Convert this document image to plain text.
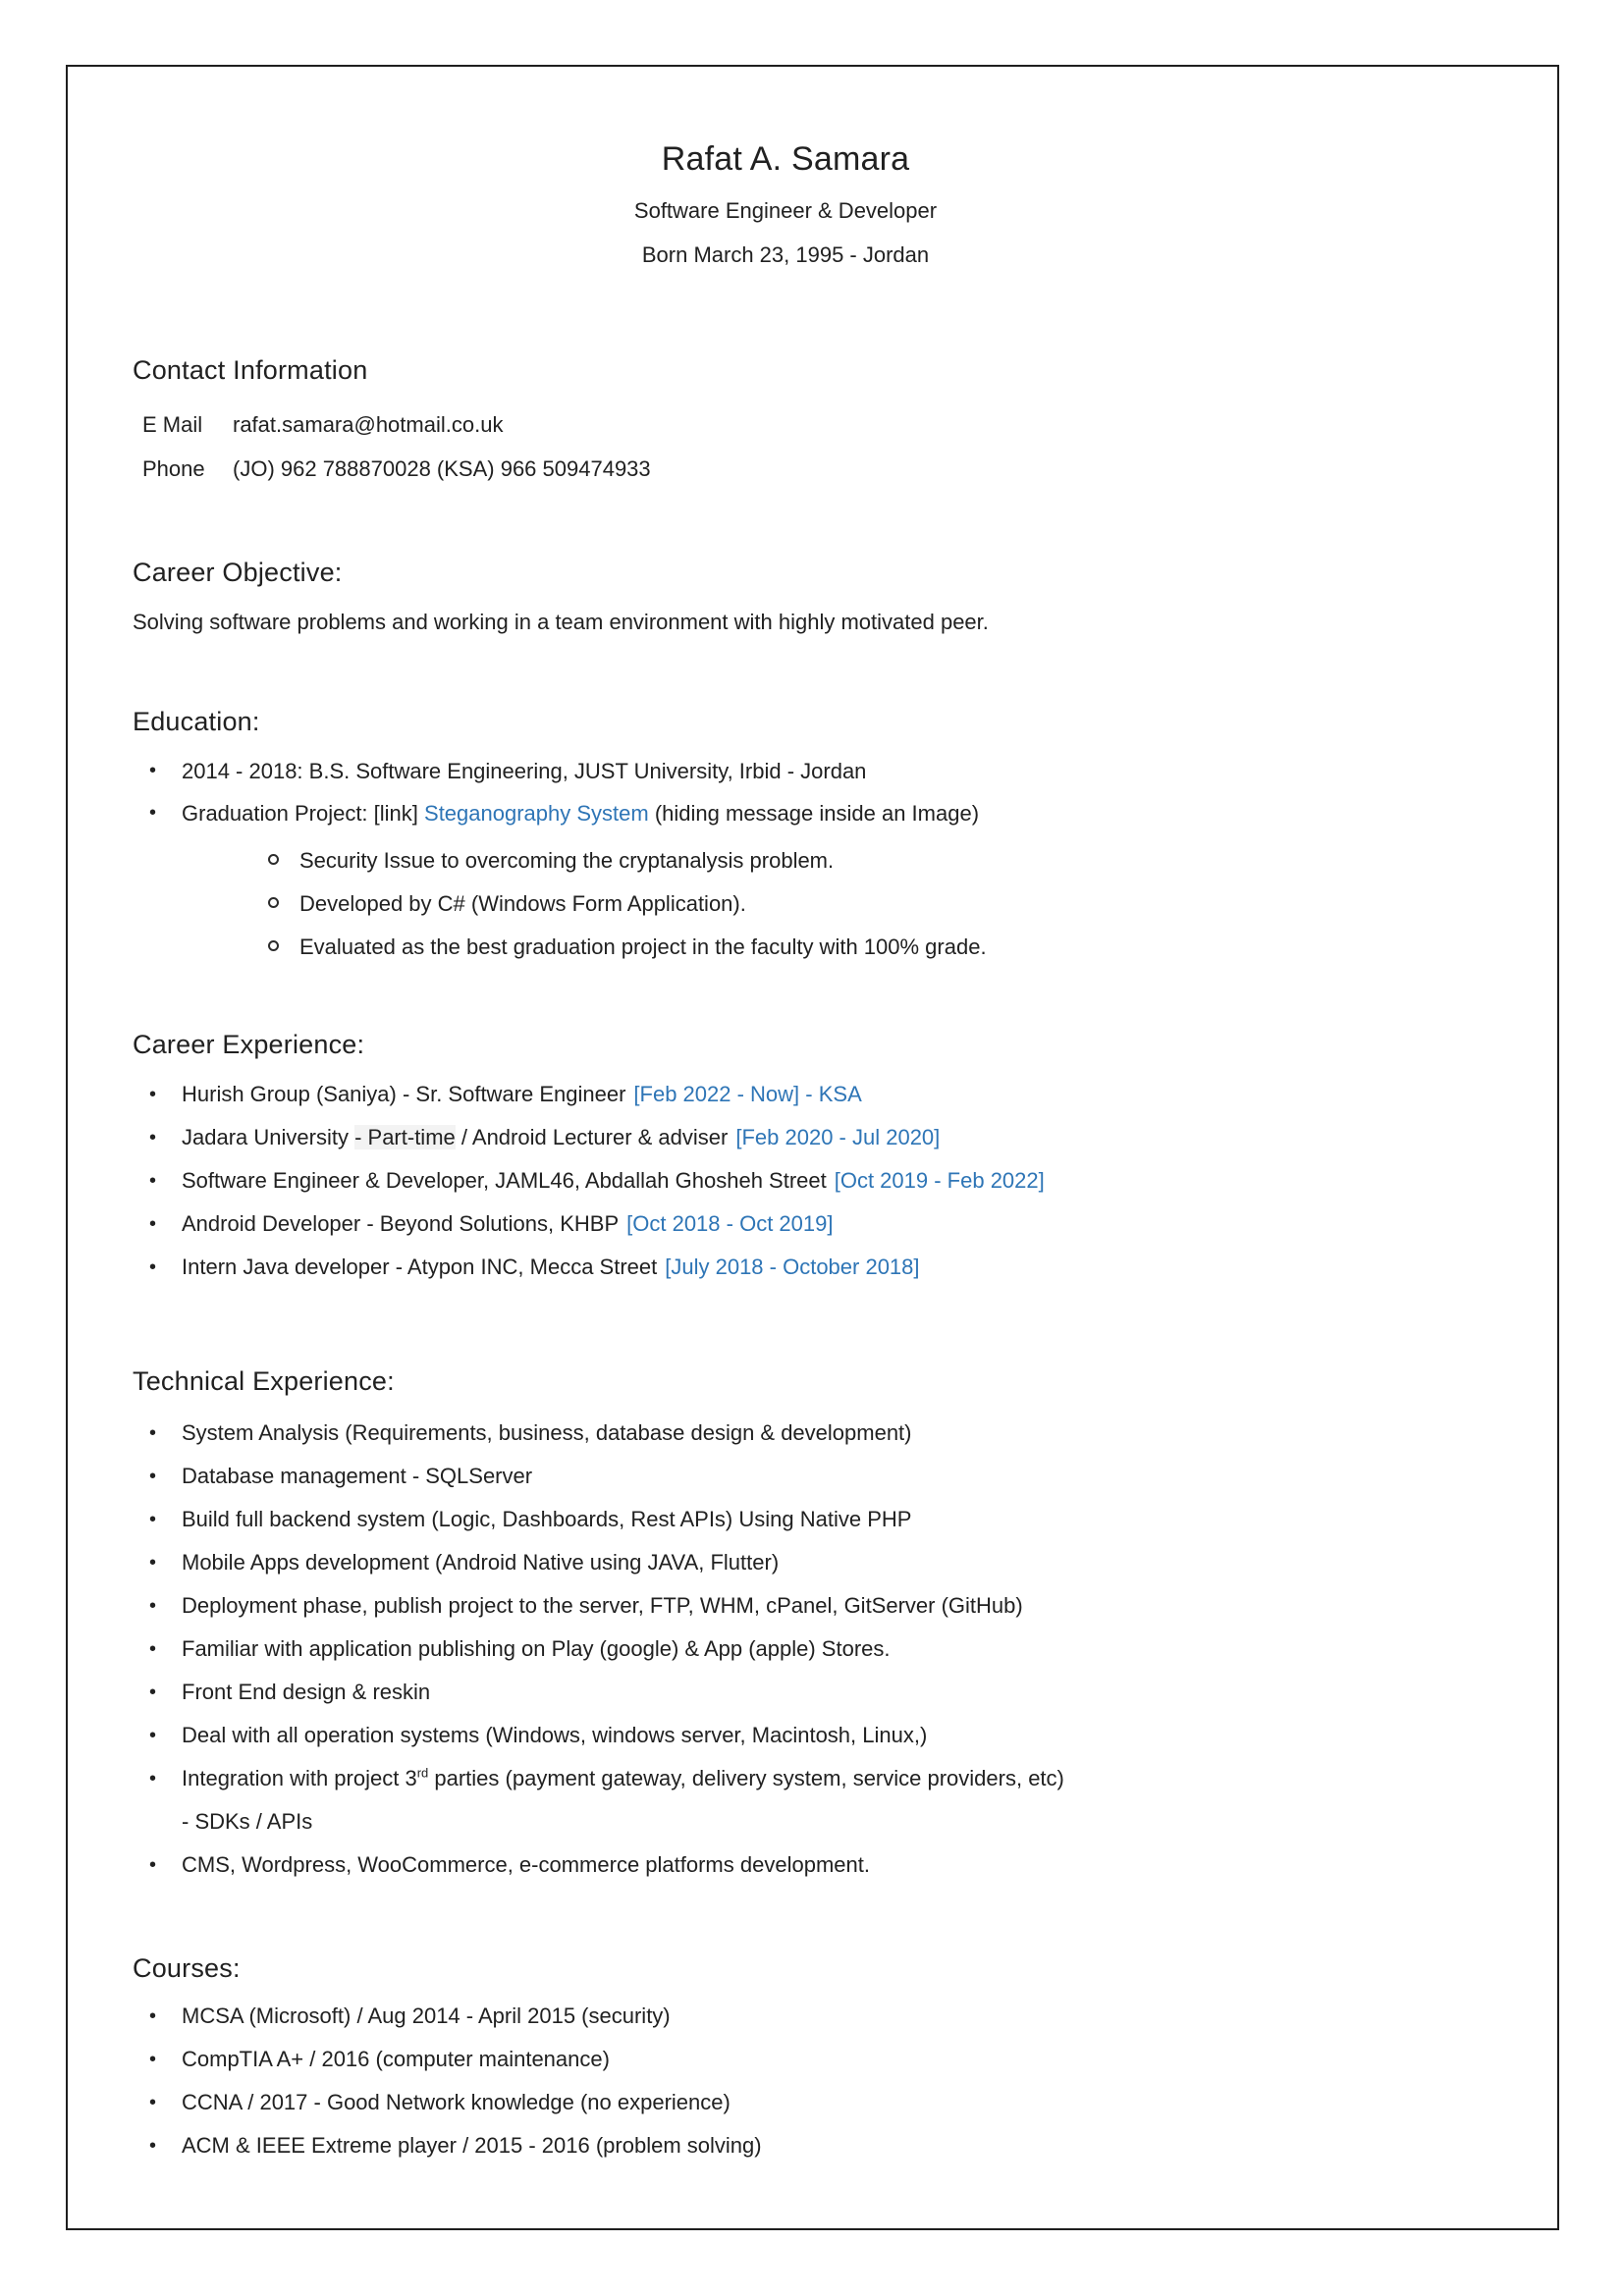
Rafat A. Samara
Software Engineer & Developer
Born March 23, 1995 - Jordan
Contact Information
E Mail	rafat.samara@hotmail.co.uk
Phone	(JO) 962 788870028 (KSA) 966 509474933
Career Objective:
Solving software problems and working in a team environment with highly motivated peer.
Education:
• 2014 - 2018: B.S. Software Engineering, JUST University, Irbid - Jordan
• Graduation Project: [link] Steganography System (hiding message inside an Image)
Security Issue to overcoming the cryptanalysis problem.
Developed by C# (Windows Form Application).
Evaluated as the best graduation project in the faculty with 100% grade.
Career Experience:
• Hurish Group (Saniya) - Sr. Software Engineer [Feb 2022 - Now] - KSA
• Jadara University - Part-time / Android Lecturer & adviser [Feb 2020 - Jul 2020]
• Software Engineer & Developer, JAML46, Abdallah Ghosheh Street [Oct 2019 - Feb 2022]
• Android Developer - Beyond Solutions, KHBP [Oct 2018 - Oct 2019]
• Intern Java developer - Atypon INC, Mecca Street [July 2018 - October 2018]
Technical Experience:
• System Analysis (Requirements, business, database design & development)
• Database management - SQLServer
• Build full backend system (Logic, Dashboards, Rest APIs) Using Native PHP
• Mobile Apps development (Android Native using JAVA, Flutter)
• Deployment phase, publish project to the server, FTP, WHM, cPanel, GitServer (GitHub)
• Familiar with application publishing on Play (google) & App (apple) Stores.
• Front End design & reskin
• Deal with all operation systems (Windows, windows server, Macintosh, Linux,)
• Integration with project 3rd parties (payment gateway, delivery system, service providers, etc) - SDKs / APIs
• CMS, Wordpress, WooCommerce, e-commerce platforms development.
Courses:
• MCSA (Microsoft) / Aug 2014 - April 2015 (security)
• CompTIA A+ / 2016 (computer maintenance)
• CCNA / 2017 - Good Network knowledge (no experience)
• ACM & IEEE Extreme player / 2015 - 2016 (problem solving)
